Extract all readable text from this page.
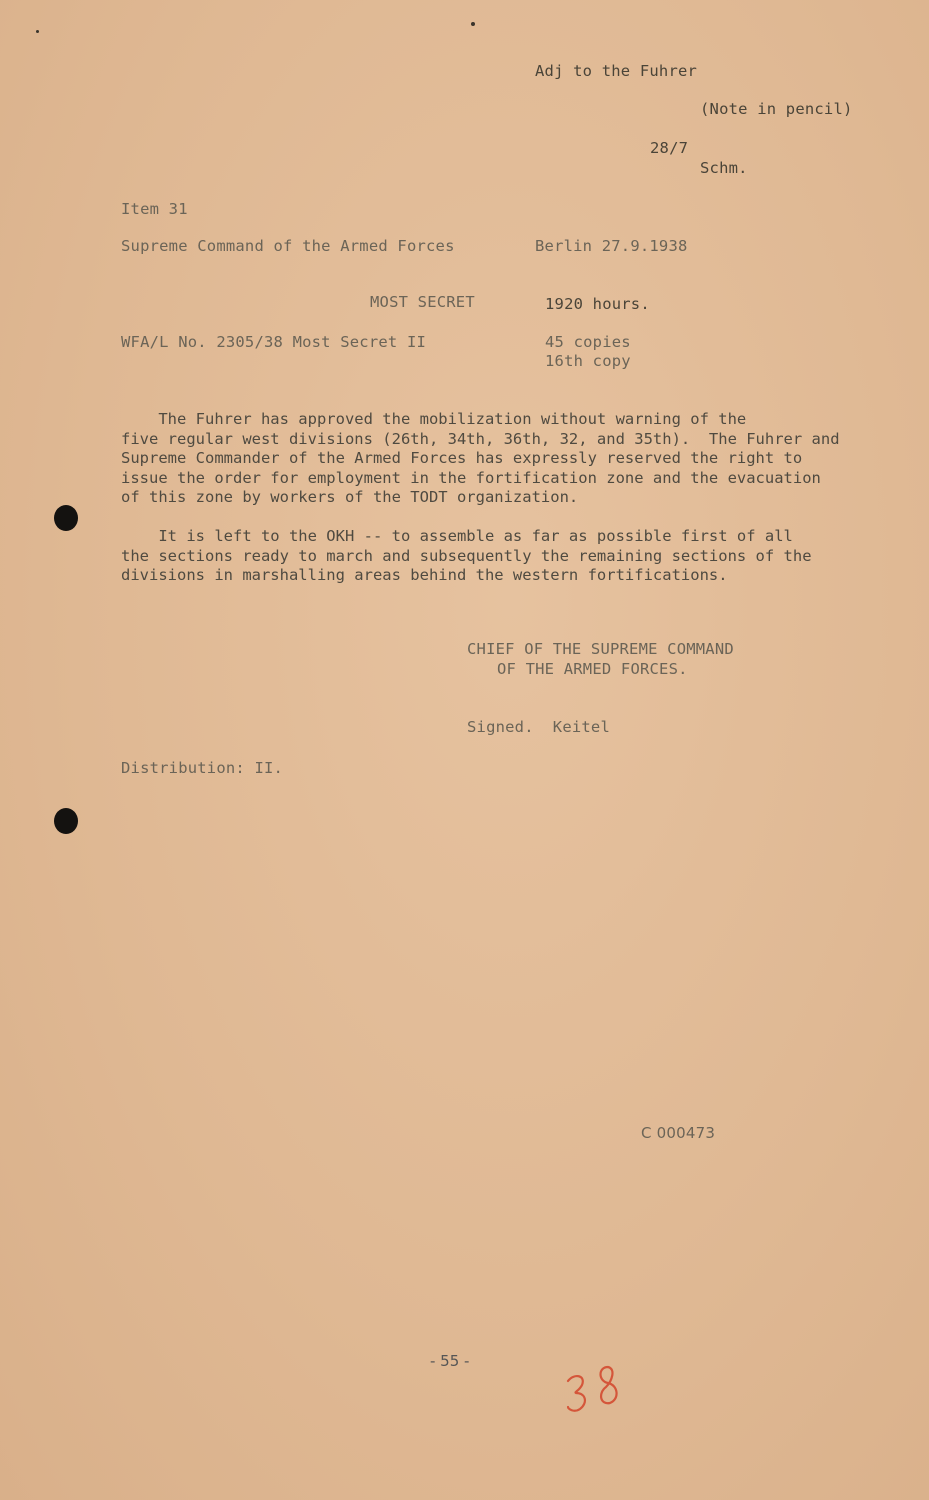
Adj to the Fuhrer
(Note in pencil)
28/7
Schm.
Item 31
Supreme Command of the Armed Forces	Berlin 27.9.1938
MOST SECRET	1920 hours.
WFA/L No. 2305/38 Most Secret II	45 copies
16th copy
The Fuhrer has approved the mobilization without warning of the
five regular west divisions (26th, 34th, 36th, 32, and 35th).  The Fuhrer and
Supreme Commander of the Armed Forces has expressly reserved the right to
issue the order for employment in the fortification zone and the evacuation
of this zone by workers of the TODT organization.
It is left to the OKH -- to assemble as far as possible first of all
the sections ready to march and subsequently the remaining sections of the
divisions in marshalling areas behind the western fortifications.
CHIEF OF THE SUPREME COMMAND
OF THE ARMED FORCES.
Signed.  Keitel
Distribution: II.
C 000473
- 55 -
